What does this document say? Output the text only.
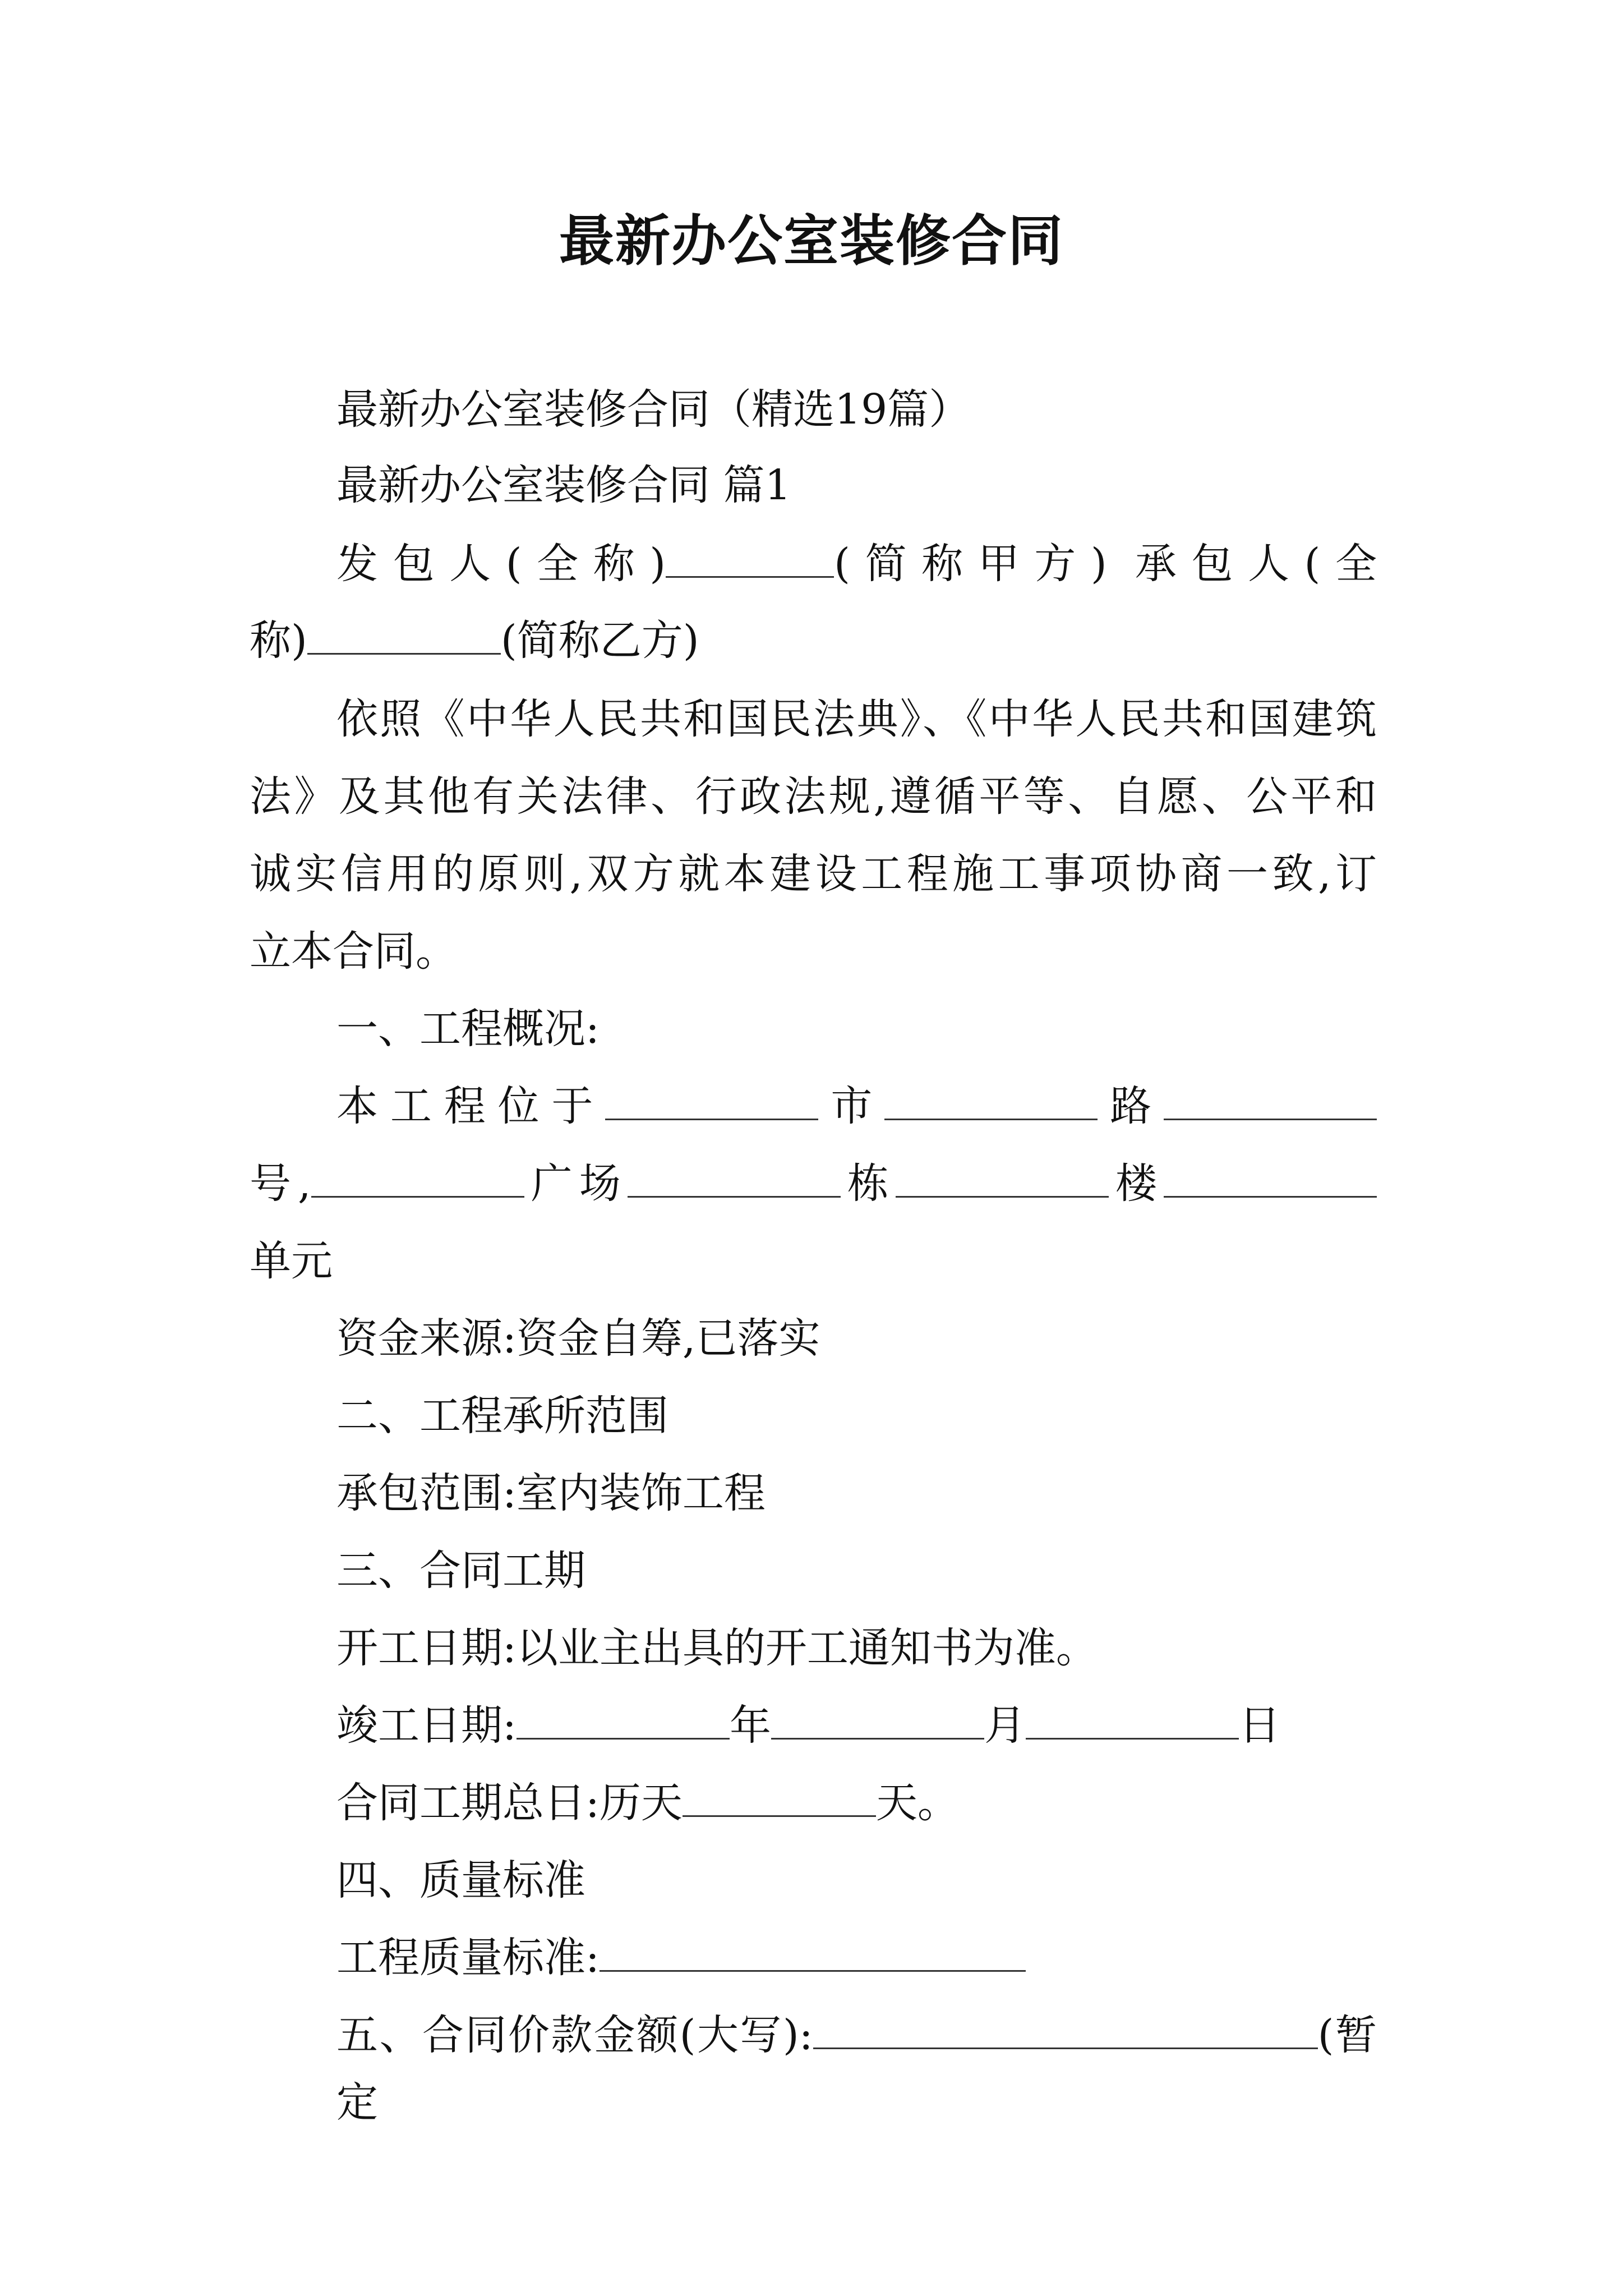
最新办公室装修合同
最新办公室装修合同（精选19篇）
最新办公室装修合同 篇1
发包人(全称)	(简称甲方) 承包人(全
称)	(简称乙方)
依照《中华人民共和国民法典》、《中华人民共和国建筑
法》及其他有关法律、行政法规,遵循平等、自愿、公平和
诚实信用的原则,双方就本建设工程施工事项协商一致,订
立本合同。
一、工程概况:
本工程位于	市	路
号,	广场	栋	楼
单元
资金来源:资金自筹,已落实
二、工程承所范围
承包范围:室内装饰工程
三、合同工期
开工日期:以业主出具的开工通知书为准。
竣工日期:	年	月	日
合同工期总日:历天	天。
四、质量标准
工程质量标准:
五、合同价款金额(大写):	(暂定
